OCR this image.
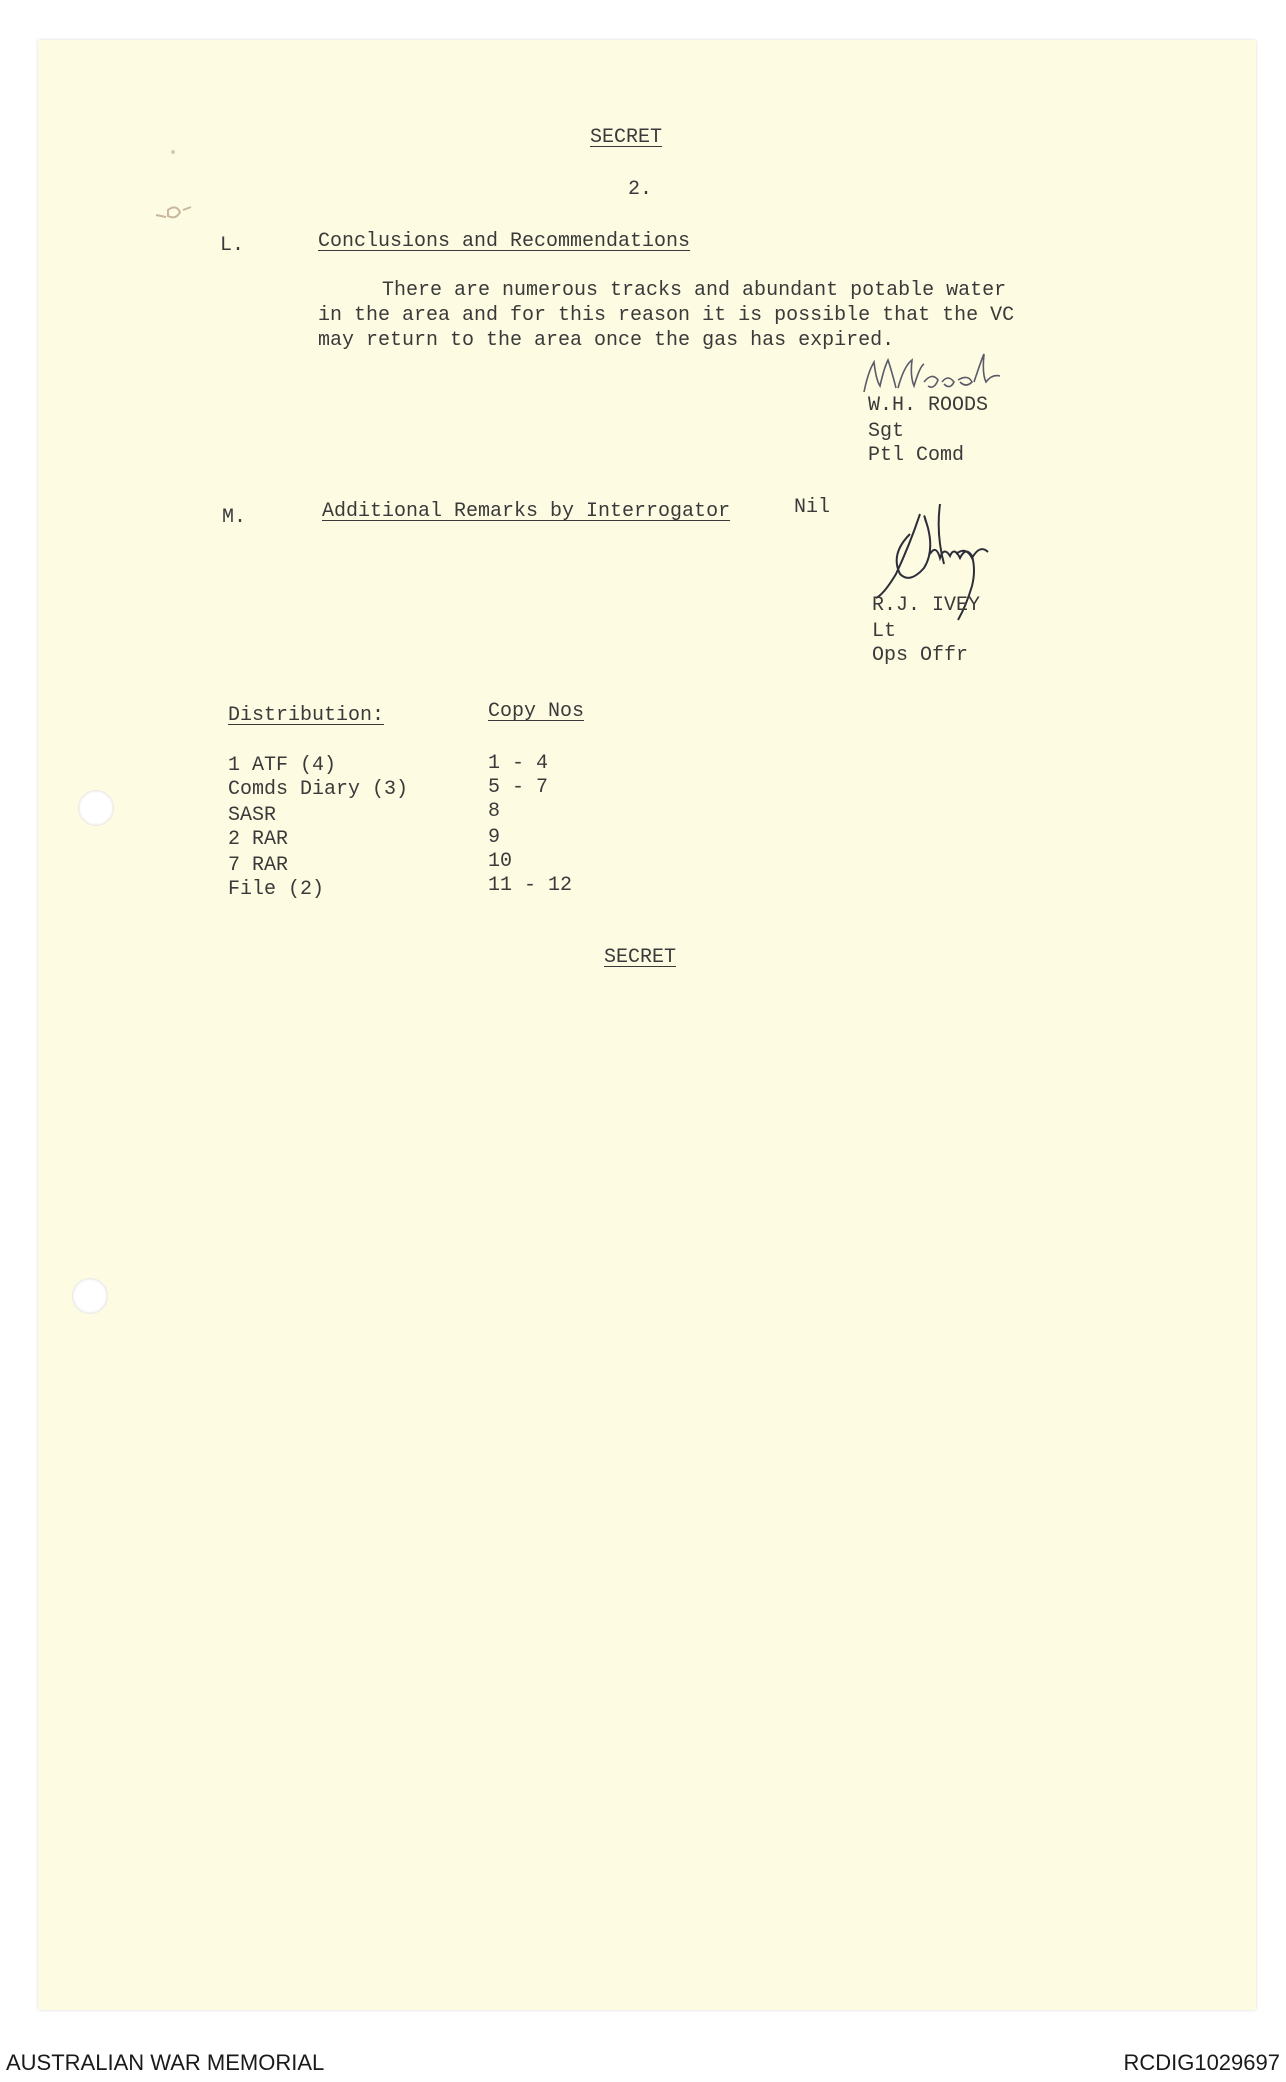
SECRET
2.
L.	Conclusions and Recommendations
There are numerous tracks and abundant potable water
in the area and for this reason it is possible that the VC
may return to the area once the gas has expired.
W.H. ROODS
Sgt
Ptl Comd
M.	Additional Remarks by Interrogator	Nil
R.J. IVEY
Lt
Ops Offr
Distribution:	Copy Nos
1 ATF (4)	1 - 4
Comds Diary (3)	5 - 7
SASR	8
2 RAR	9
7 RAR	10
File (2)	11 - 12
SECRET
AUSTRALIAN WAR MEMORIAL	RCDIG1029697
